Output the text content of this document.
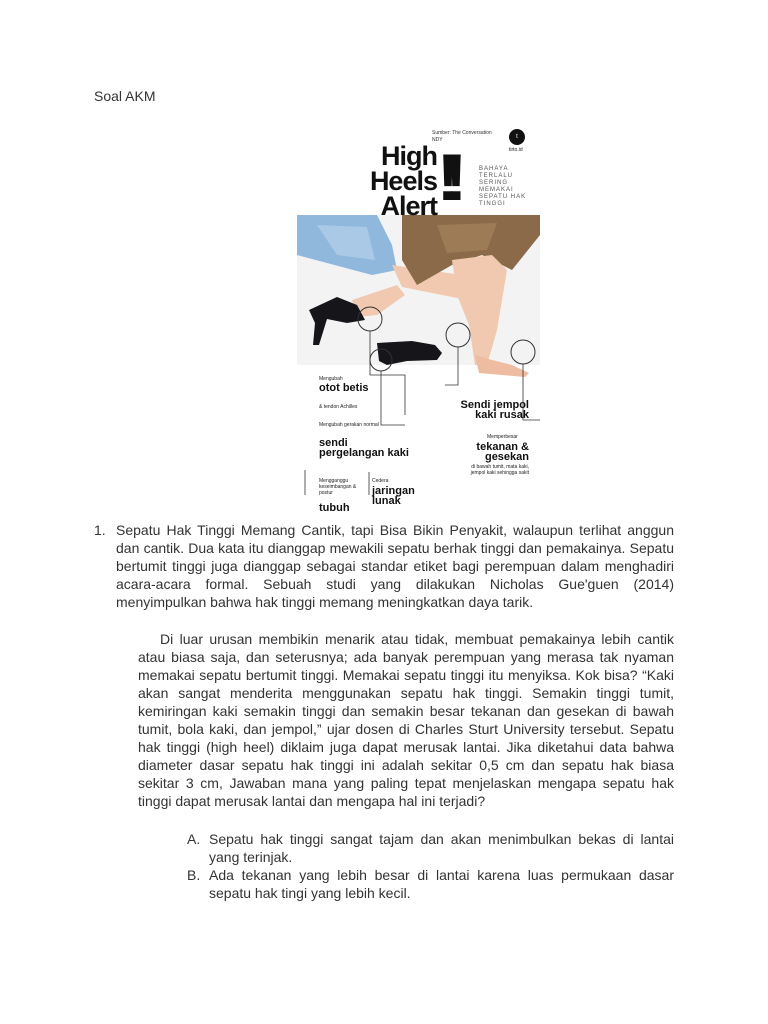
Soal AKM
Sumber: The Conversation NDY	t
tirto.id
High
Heels
Alert !!	BAHAYA TERLALU SERING MEMAKAI SEPATU HAK TINGGI
Mengubah
otot betis
& tendon Achilles
Mengubah gerakan normal
sendi pergelangan kaki
Mengganggu keseimbangan & postur
tubuh
Cedera
jaringan lunak
Sendi jempol kaki rusak
Memperbesar
tekanan & gesekan
di bawah tumit, mata kaki, jempol kaki sehingga sakit
1. Sepatu Hak Tinggi Memang Cantik, tapi Bisa Bikin Penyakit, walaupun terlihat anggun dan cantik. Dua kata itu dianggap mewakili sepatu berhak tinggi dan pemakainya. Sepatu bertumit tinggi juga dianggap sebagai standar etiket bagi perempuan dalam menghadiri acara-acara formal. Sebuah studi yang dilakukan Nicholas Gue'guen (2014) menyimpulkan bahwa hak tinggi memang meningkatkan daya tarik.
Di luar urusan membikin menarik atau tidak, membuat pemakainya lebih cantik atau biasa saja, dan seterusnya; ada banyak perempuan yang merasa tak nyaman memakai sepatu bertumit tinggi. Memakai sepatu tinggi itu menyiksa. Kok bisa? “Kaki akan sangat menderita menggunakan sepatu hak tinggi. Semakin tinggi tumit, kemiringan kaki semakin tinggi dan semakin besar tekanan dan gesekan di bawah tumit, bola kaki, dan jempol,” ujar dosen di Charles Sturt University tersebut. Sepatu hak tinggi (high heel) diklaim juga dapat merusak lantai. Jika diketahui data bahwa diameter dasar sepatu hak tinggi ini adalah sekitar 0,5 cm dan sepatu hak biasa sekitar 3 cm, Jawaban mana yang paling tepat menjelaskan mengapa sepatu hak tinggi dapat merusak lantai dan mengapa hal ini terjadi?
A. Sepatu hak tinggi sangat tajam dan akan menimbulkan bekas di lantai yang terinjak.
B. Ada tekanan yang lebih besar di lantai karena luas permukaan dasar sepatu hak tingi yang lebih kecil.
